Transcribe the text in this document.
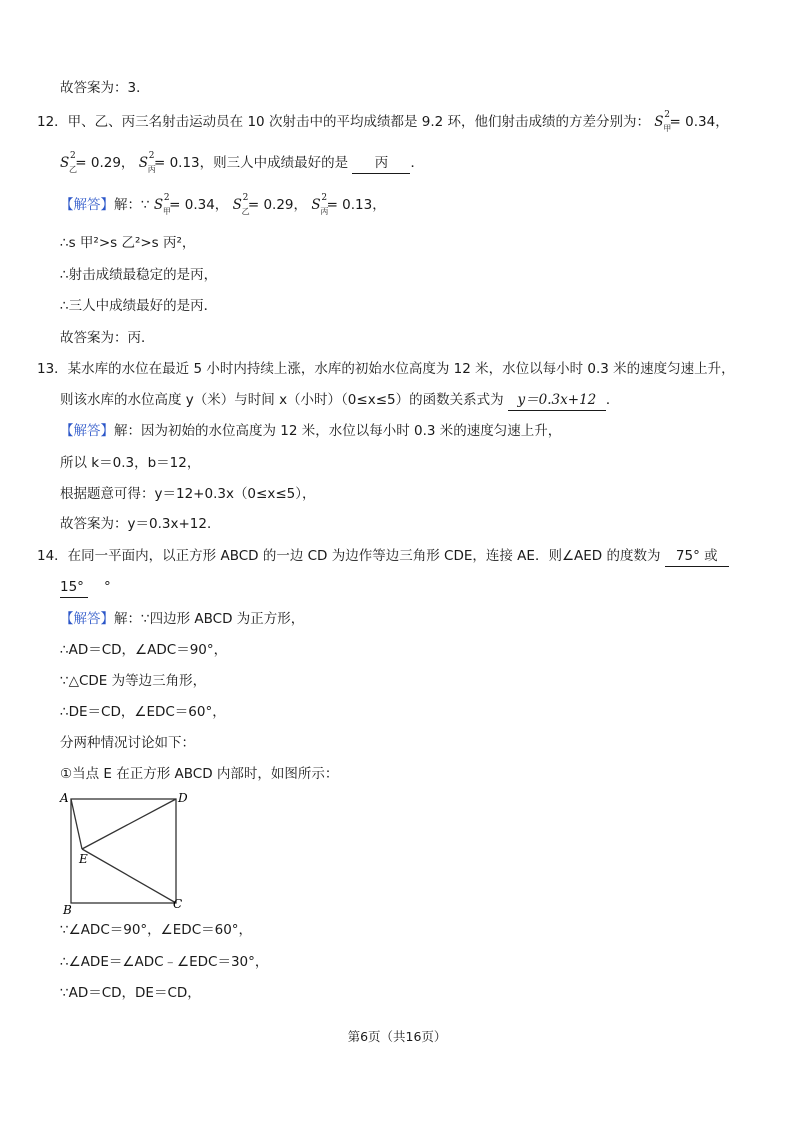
故答案为：3．
12．甲、乙、丙三名射击运动员在 10 次射击中的平均成绩都是 9.2 环，他们射击成绩的方差分别为： S 2
甲
= 0.34，
S 2
乙
= 0.29， S 2
丙
= 0.13，则三人中成绩最好的是 丙 ．
【解答】解：∵ S 2
甲
= 0.34， S 2
乙
= 0.29， S 2
丙
= 0.13，
∴s 甲²>s 乙²>s 丙²，
∴射击成绩最稳定的是丙，
∴三人中成绩最好的是丙．
故答案为：丙．
13．某水库的水位在最近 5 小时内持续上涨，水库的初始水位高度为 12 米，水位以每小时 0.3 米的速度匀速上升，
则该水库的水位高度 y（米）与时间 x（小时）（0≤x≤5）的函数关系式为 y＝0.3x+12 ．
【解答】解：因为初始的水位高度为 12 米，水位以每小时 0.3 米的速度匀速上升，
所以 k＝0.3，b＝12，
根据题意可得：y＝12+0.3x（0≤x≤5），
故答案为：y＝0.3x+12．
14．在同一平面内，以正方形 ABCD 的一边 CD 为边作等边三角形 CDE，连接 AE．则∠AED 的度数为 75° 或
15° °
【解答】解：∵四边形 ABCD 为正方形，
∴AD＝CD，∠ADC＝90°，
∵△CDE 为等边三角形，
∴DE＝CD，∠EDC＝60°，
分两种情况讨论如下：
①当点 E 在正方形 ABCD 内部时，如图所示：
A	D
E
B	C
∵∠ADC＝90°，∠EDC＝60°，
∴∠ADE＝∠ADC﹣∠EDC＝30°，
∵AD＝CD，DE＝CD，
第6页（共16页）
